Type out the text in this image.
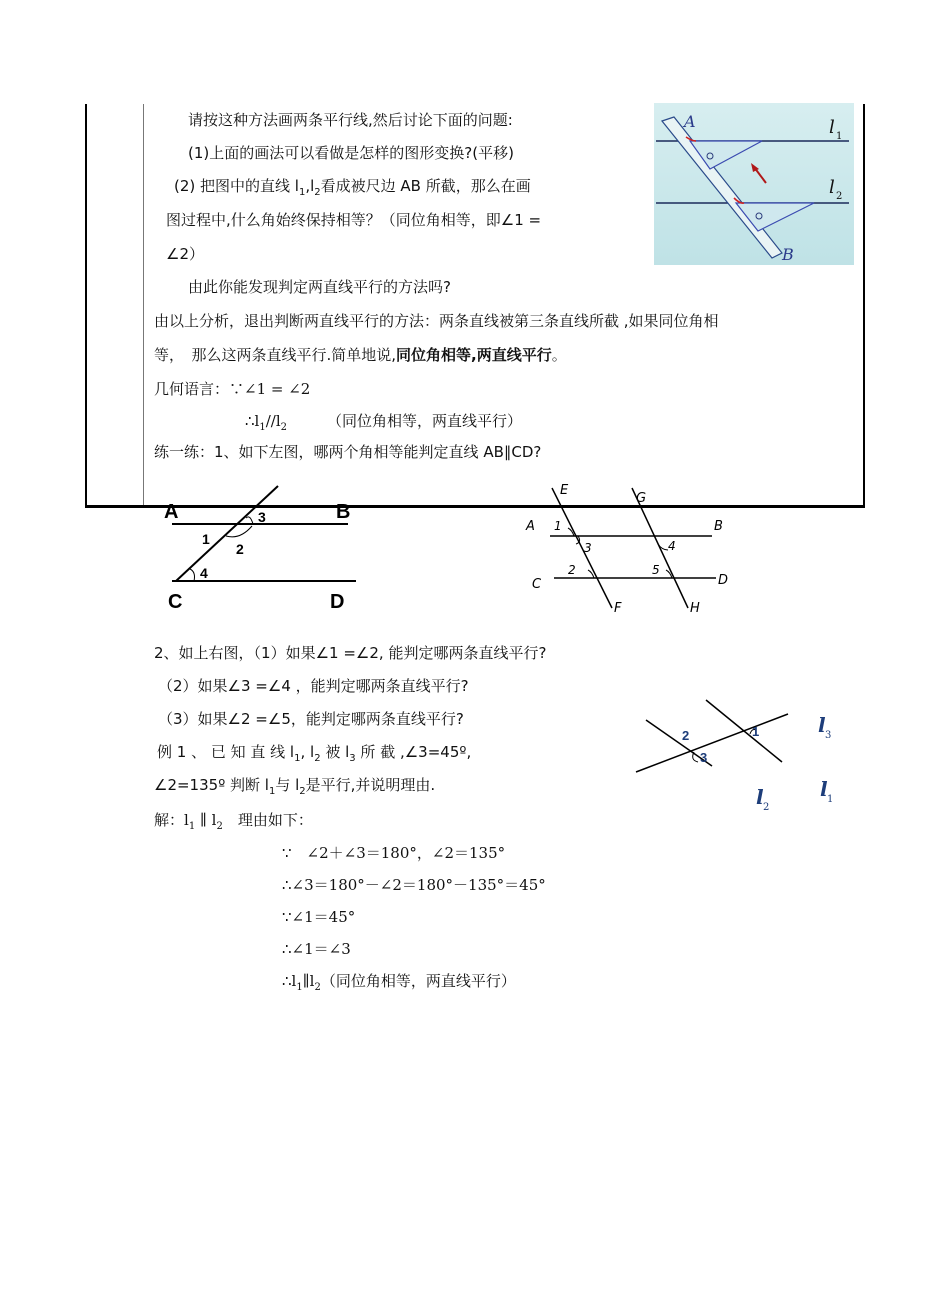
请按这种方法画两条平行线,然后讨论下面的问题:
(1)上面的画法可以看做是怎样的图形变换?(平移)
(2) 把图中的直线 $l_1,l_2$看成被尺边 AB 所截，那么在画
图过程中,什么角始终保持相等？（同位角相等，即∠1 =
∠2）
由此你能发现判定两直线平行的方法吗?
由以上分析，退出判断两直线平行的方法：两条直线被第三条直线所截 ,如果同位角相
等，　那么这两条直线平行.简单地说,同位角相等,两直线平行。
几何语言：∵∠1 = ∠2
$\therefore l_1//l_2$	（同位角相等，两直线平行）
练一练：1、如下左图，哪两个角相等能判定直线 AB∥CD?
2、如上右图，（1）如果∠1 =∠2, 能判定哪两条直线平行?
（2）如果∠3 =∠4 ，能判定哪两条直线平行?
（3）如果∠2 =∠5，能判定哪两条直线平行?
例 1 、 已 知 直 线 $l_1$, $l_2$ 被 $l_3$ 所 截 ,∠3=45º,
∠2=135º 判断 $l_1$与 $l_2$是平行,并说明理由.
解：$l_1$ ∥ $l_2$　理由如下：
∵　∠2＋∠3＝180°，∠2＝135°
∴∠3＝180°－∠2＝180°－135°＝45°
∵∠1＝45°
∴∠1＝∠3
$\therefore l_1\parallel l_2$（同位角相等，两直线平行）
A
B
l 1
l 2
A	B
C	D
1
2
3
4
E
G
A	B
C	D
F	H
1
3
2
4
5
2
3
1	l 3
l 1
l 2
